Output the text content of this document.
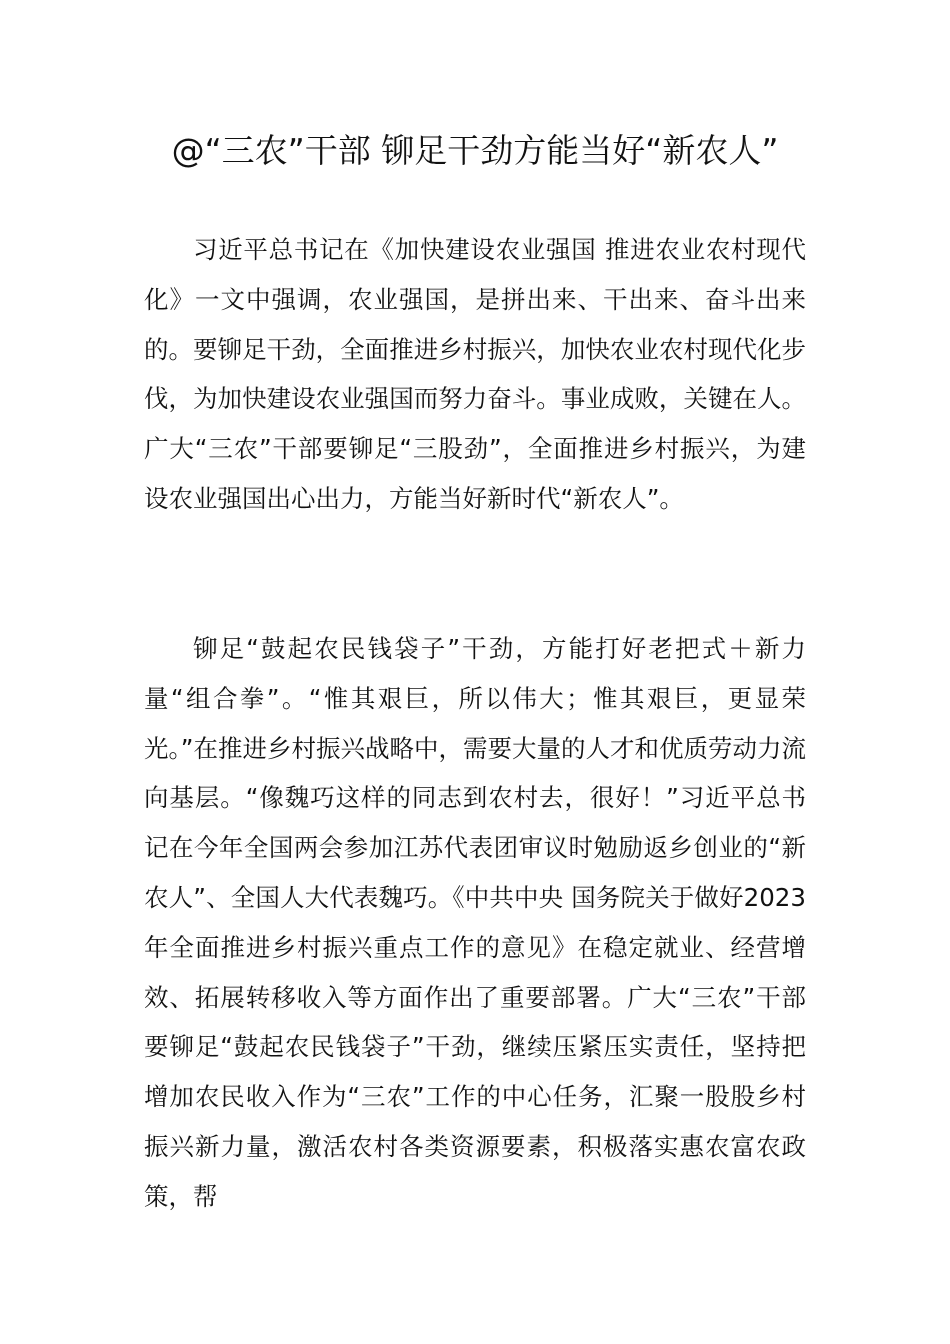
@“三农”干部 铆足干劲方能当好“新农人”

习近平总书记在《加快建设农业强国 推进农业农村现代化》一文中强调，农业强国，是拼出来、干出来、奋斗出来的。要铆足干劲，全面推进乡村振兴，加快农业农村现代化步伐，为加快建设农业强国而努力奋斗。事业成败，关键在人。广大“三农”干部要铆足“三股劲”，全面推进乡村振兴，为建设农业强国出心出力，方能当好新时代“新农人”。

铆足“鼓起农民钱袋子”干劲，方能打好老把式＋新力量“组合拳”。“惟其艰巨，所以伟大；惟其艰巨，更显荣光。”在推进乡村振兴战略中，需要大量的人才和优质劳动力流向基层。“像魏巧这样的同志到农村去，很好！”习近平总书记在今年全国两会参加江苏代表团审议时勉励返乡创业的“新农人”、全国人大代表魏巧。《中共中央 国务院关于做好2023年全面推进乡村振兴重点工作的意见》在稳定就业、经营增效、拓展转移收入等方面作出了重要部署。广大“三农”干部要铆足“鼓起农民钱袋子”干劲，继续压紧压实责任，坚持把增加农民收入作为“三农”工作的中心任务，汇聚一股股乡村振兴新力量，激活农村各类资源要素，积极落实惠农富农政策，帮
